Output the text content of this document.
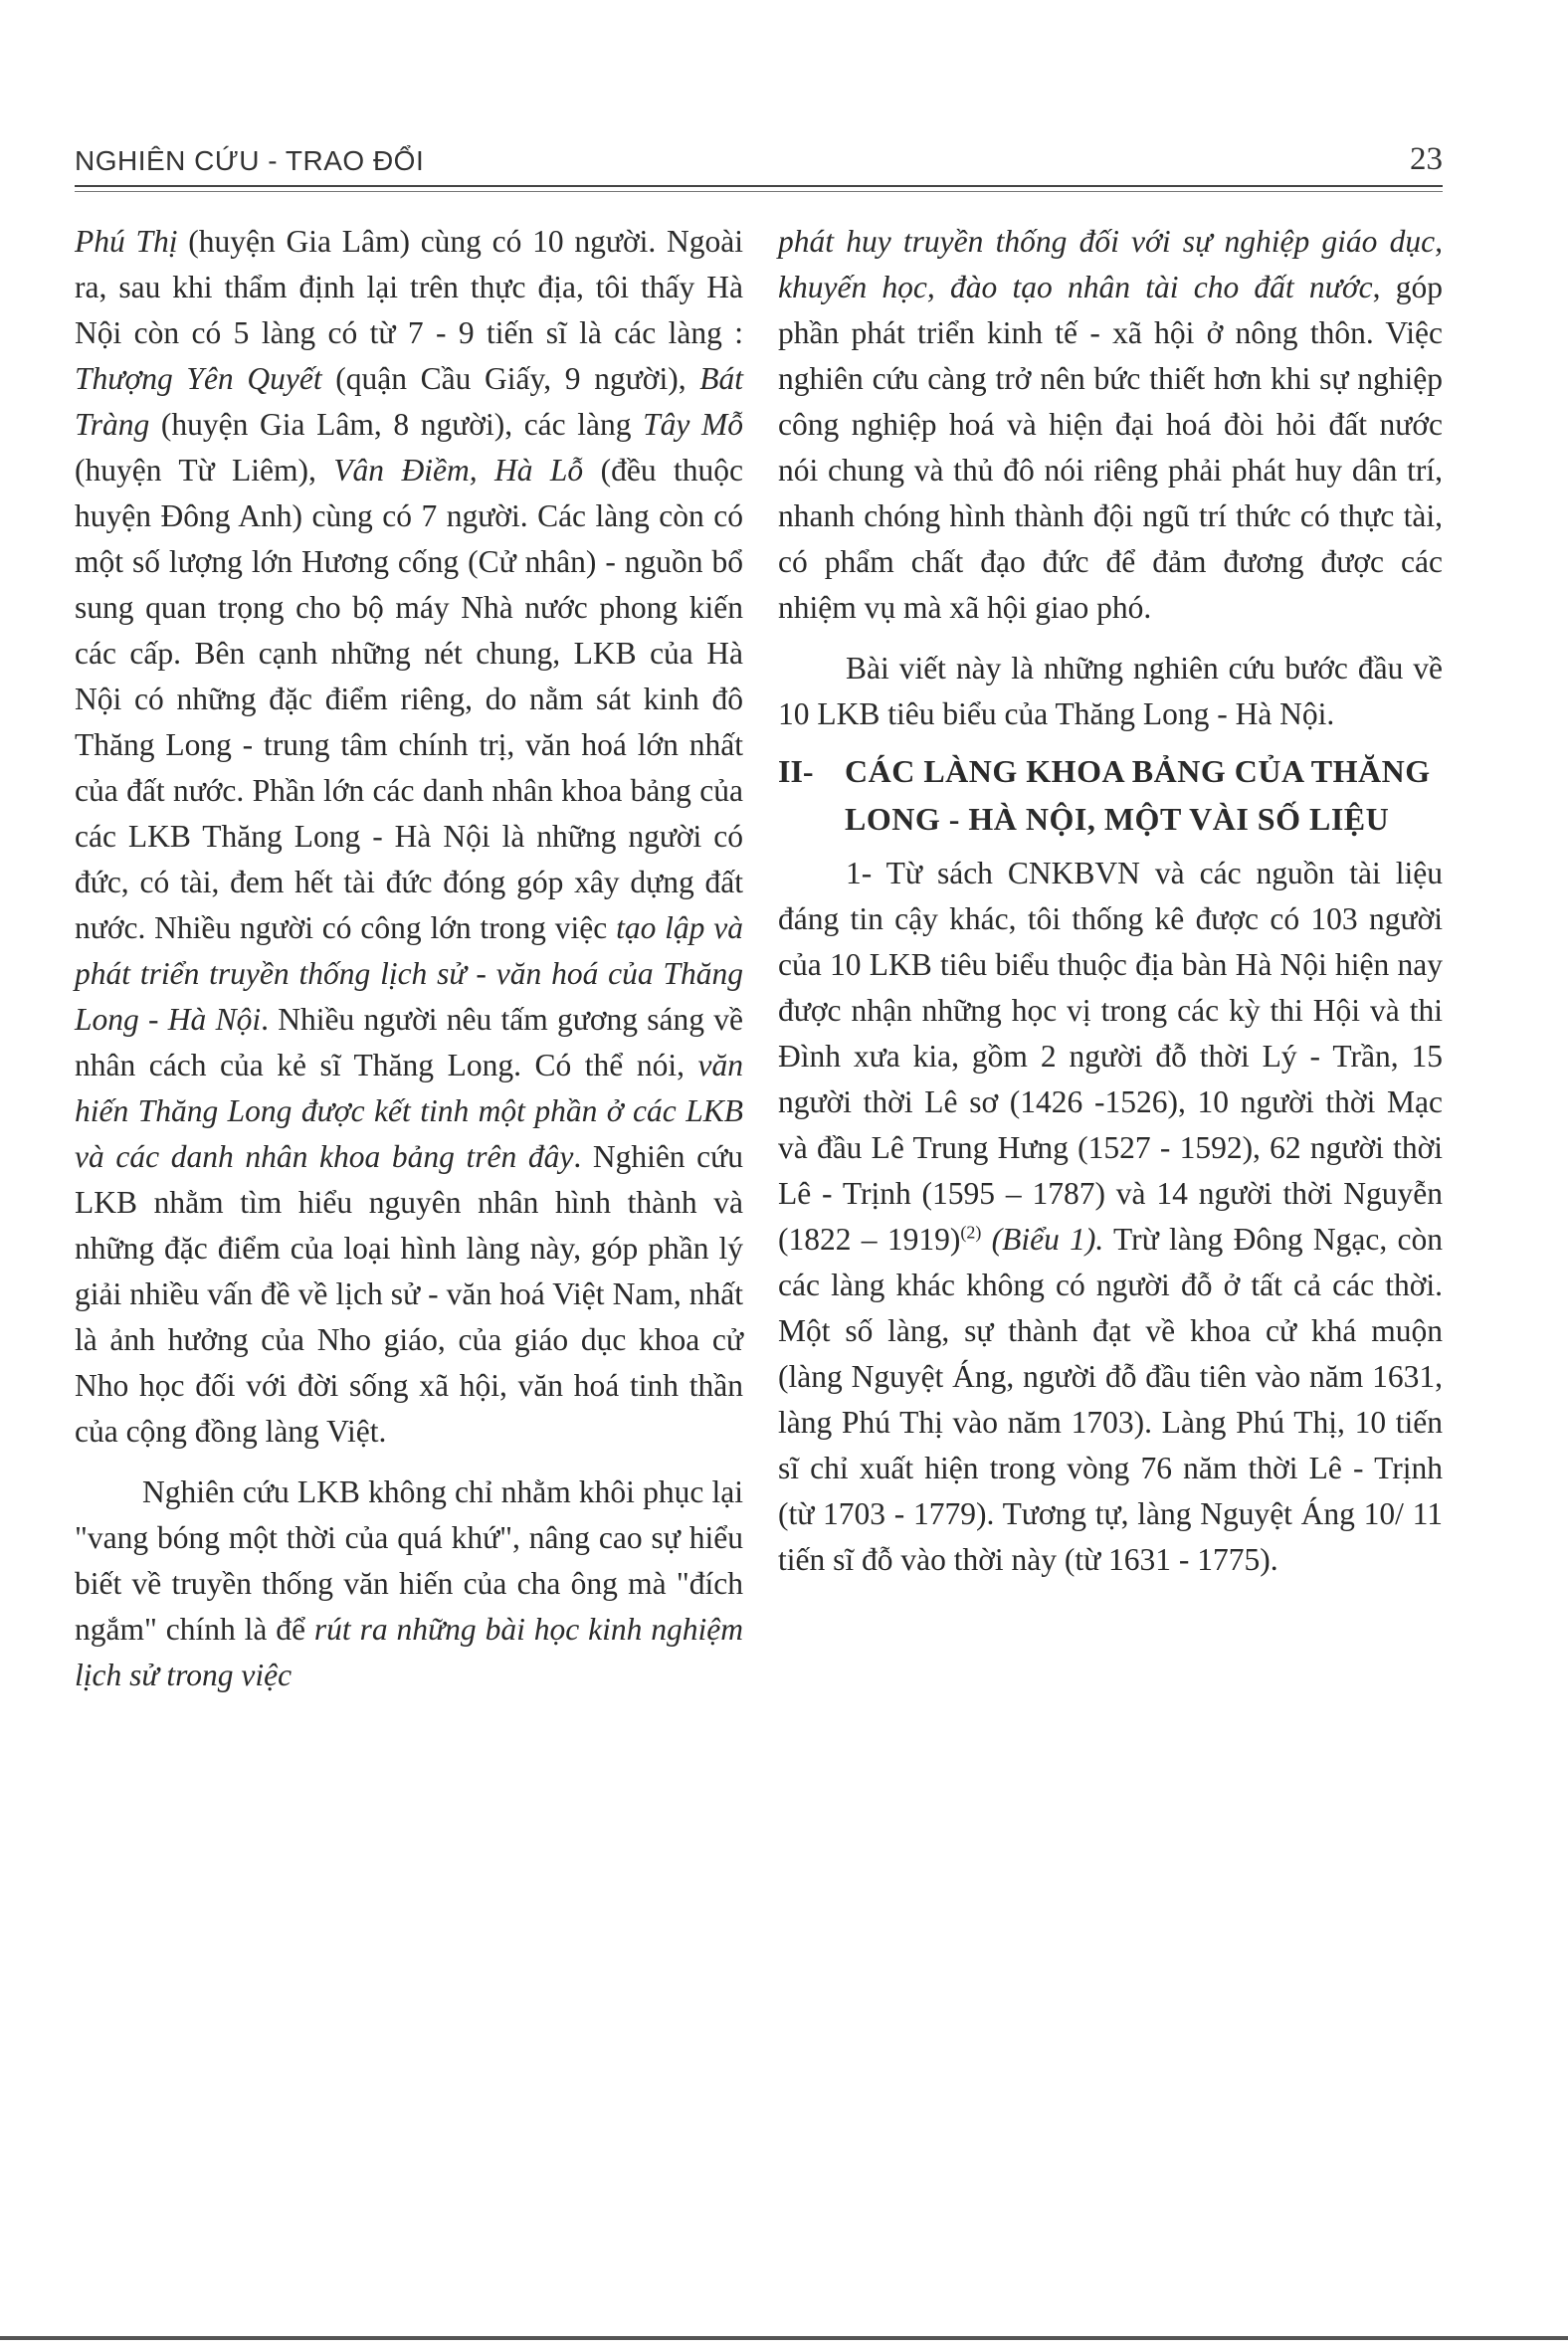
NGHIÊN CỨU - TRAO ĐỔI	23

Phú Thị (huyện Gia Lâm) cùng có 10 người. Ngoài ra, sau khi thẩm định lại trên thực địa, tôi thấy Hà Nội còn có 5 làng có từ 7 - 9 tiến sĩ là các làng : Thượng Yên Quyết (quận Cầu Giấy, 9 người), Bát Tràng (huyện Gia Lâm, 8 người), các làng Tây Mỗ (huyện Từ Liêm), Vân Điềm, Hà Lỗ (đều thuộc huyện Đông Anh) cùng có 7 người. Các làng còn có một số lượng lớn Hương cống (Cử nhân) - nguồn bổ sung quan trọng cho bộ máy Nhà nước phong kiến các cấp. Bên cạnh những nét chung, LKB của Hà Nội có những đặc điểm riêng, do nằm sát kinh đô Thăng Long - trung tâm chính trị, văn hoá lớn nhất của đất nước. Phần lớn các danh nhân khoa bảng của các LKB Thăng Long - Hà Nội là những người có đức, có tài, đem hết tài đức đóng góp xây dựng đất nước. Nhiều người có công lớn trong việc tạo lập và phát triển truyền thống lịch sử - văn hoá của Thăng Long - Hà Nội. Nhiều người nêu tấm gương sáng về nhân cách của kẻ sĩ Thăng Long. Có thể nói, văn hiến Thăng Long được kết tinh một phần ở các LKB và các danh nhân khoa bảng trên đây. Nghiên cứu LKB nhằm tìm hiểu nguyên nhân hình thành và những đặc điểm của loại hình làng này, góp phần lý giải nhiều vấn đề về lịch sử - văn hoá Việt Nam, nhất là ảnh hưởng của Nho giáo, của giáo dục khoa cử Nho học đối với đời sống xã hội, văn hoá tinh thần của cộng đồng làng Việt.

Nghiên cứu LKB không chỉ nhằm khôi phục lại "vang bóng một thời của quá khứ", nâng cao sự hiểu biết về truyền thống văn hiến của cha ông mà "đích ngắm" chính là để rút ra những bài học kinh nghiệm lịch sử trong việc

phát huy truyền thống đối với sự nghiệp giáo dục, khuyến học, đào tạo nhân tài cho đất nước, góp phần phát triển kinh tế - xã hội ở nông thôn. Việc nghiên cứu càng trở nên bức thiết hơn khi sự nghiệp công nghiệp hoá và hiện đại hoá đòi hỏi đất nước nói chung và thủ đô nói riêng phải phát huy dân trí, nhanh chóng hình thành đội ngũ trí thức có thực tài, có phẩm chất đạo đức để đảm đương được các nhiệm vụ mà xã hội giao phó.

Bài viết này là những nghiên cứu bước đầu về 10 LKB tiêu biểu của Thăng Long - Hà Nội.

II- CÁC LÀNG KHOA BẢNG CỦA THĂNG LONG - HÀ NỘI, MỘT VÀI SỐ LIỆU

1- Từ sách CNKBVN và các nguồn tài liệu đáng tin cậy khác, tôi thống kê được có 103 người của 10 LKB tiêu biểu thuộc địa bàn Hà Nội hiện nay được nhận những học vị trong các kỳ thi Hội và thi Đình xưa kia, gồm 2 người đỗ thời Lý - Trần, 15 người thời Lê sơ (1426 -1526), 10 người thời Mạc và đầu Lê Trung Hưng (1527 - 1592), 62 người thời Lê - Trịnh (1595 – 1787) và 14 người thời Nguyễn (1822 – 1919)$^{(2)}$ (Biểu 1). Trừ làng Đông Ngạc, còn các làng khác không có người đỗ ở tất cả các thời. Một số làng, sự thành đạt về khoa cử khá muộn (làng Nguyệt Áng, người đỗ đầu tiên vào năm 1631, làng Phú Thị vào năm 1703). Làng Phú Thị, 10 tiến sĩ chỉ xuất hiện trong vòng 76 năm thời Lê - Trịnh (từ 1703 - 1779). Tương tự, làng Nguyệt Áng 10/ 11 tiến sĩ đỗ vào thời này (từ 1631 - 1775).
